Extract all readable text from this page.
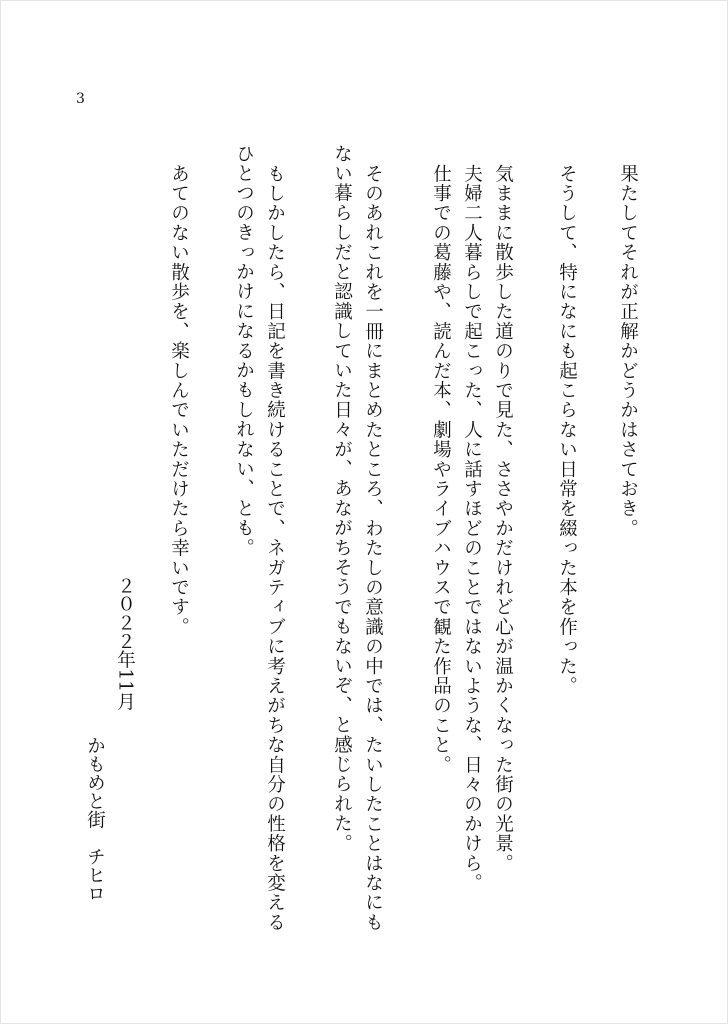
3
果たしてそれが正解かどうかはさておき。
そうして、特になにも起こらない日常を綴った本を作った。
気ままに散歩した道のりで見た、ささやかだけれど心が温かくなった街の光景。
夫婦二人暮らしで起こった、人に話すほどのことではないような、日々のかけら。
仕事での葛藤や、読んだ本、劇場やライブハウスで観た作品のこと。
そのあれこれを一冊にまとめたところ、わたしの意識の中では、たいしたことはなにも
ない暮らしだと認識していた日々が、あながちそうでもないぞ、と感じられた。
もしかしたら、日記を書き続けることで、ネガティブに考えがちな自分の性格を変える
ひとつのきっかけになるかもしれない、とも。
あてのない散歩を、楽しんでいただけたら幸いです。
２０２２年11月
かもめと街　チヒロ
